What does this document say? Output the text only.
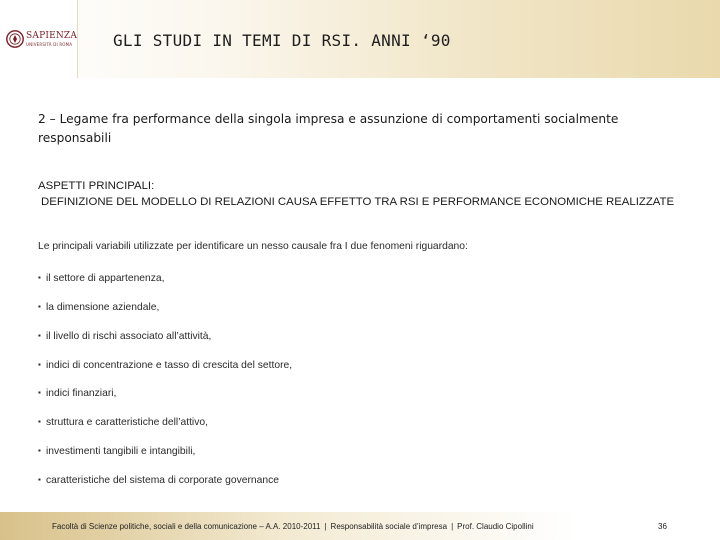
SAPIENZA
UNIVERSITÀ DI ROMA	GLI STUDI IN TEMI DI RSI. ANNI ‘90
2 – Legame fra performance della singola impresa e assunzione di comportamenti socialmente responsabili
ASPETTI PRINCIPALI:
DEFINIZIONE DEL MODELLO DI RELAZIONI CAUSA EFFETTO TRA RSI E PERFORMANCE ECONOMICHE REALIZZATE
Le principali variabili utilizzate per identificare un nesso causale fra I due fenomeni riguardano:
▪ il settore di appartenenza,
▪ la dimensione aziendale,
▪ il livello di rischi associato all’attività,
▪ indici di concentrazione e tasso di crescita del settore,
▪ indici finanziari,
▪ struttura e caratteristiche dell’attivo,
▪ investimenti tangibili e intangibili,
▪ caratteristiche del sistema di corporate governance
Facoltà di Scienze politiche, sociali e della comunicazione – A.A. 2010-2011 | Responsabilità sociale d’impresa | Prof. Claudio Cipollini	36
